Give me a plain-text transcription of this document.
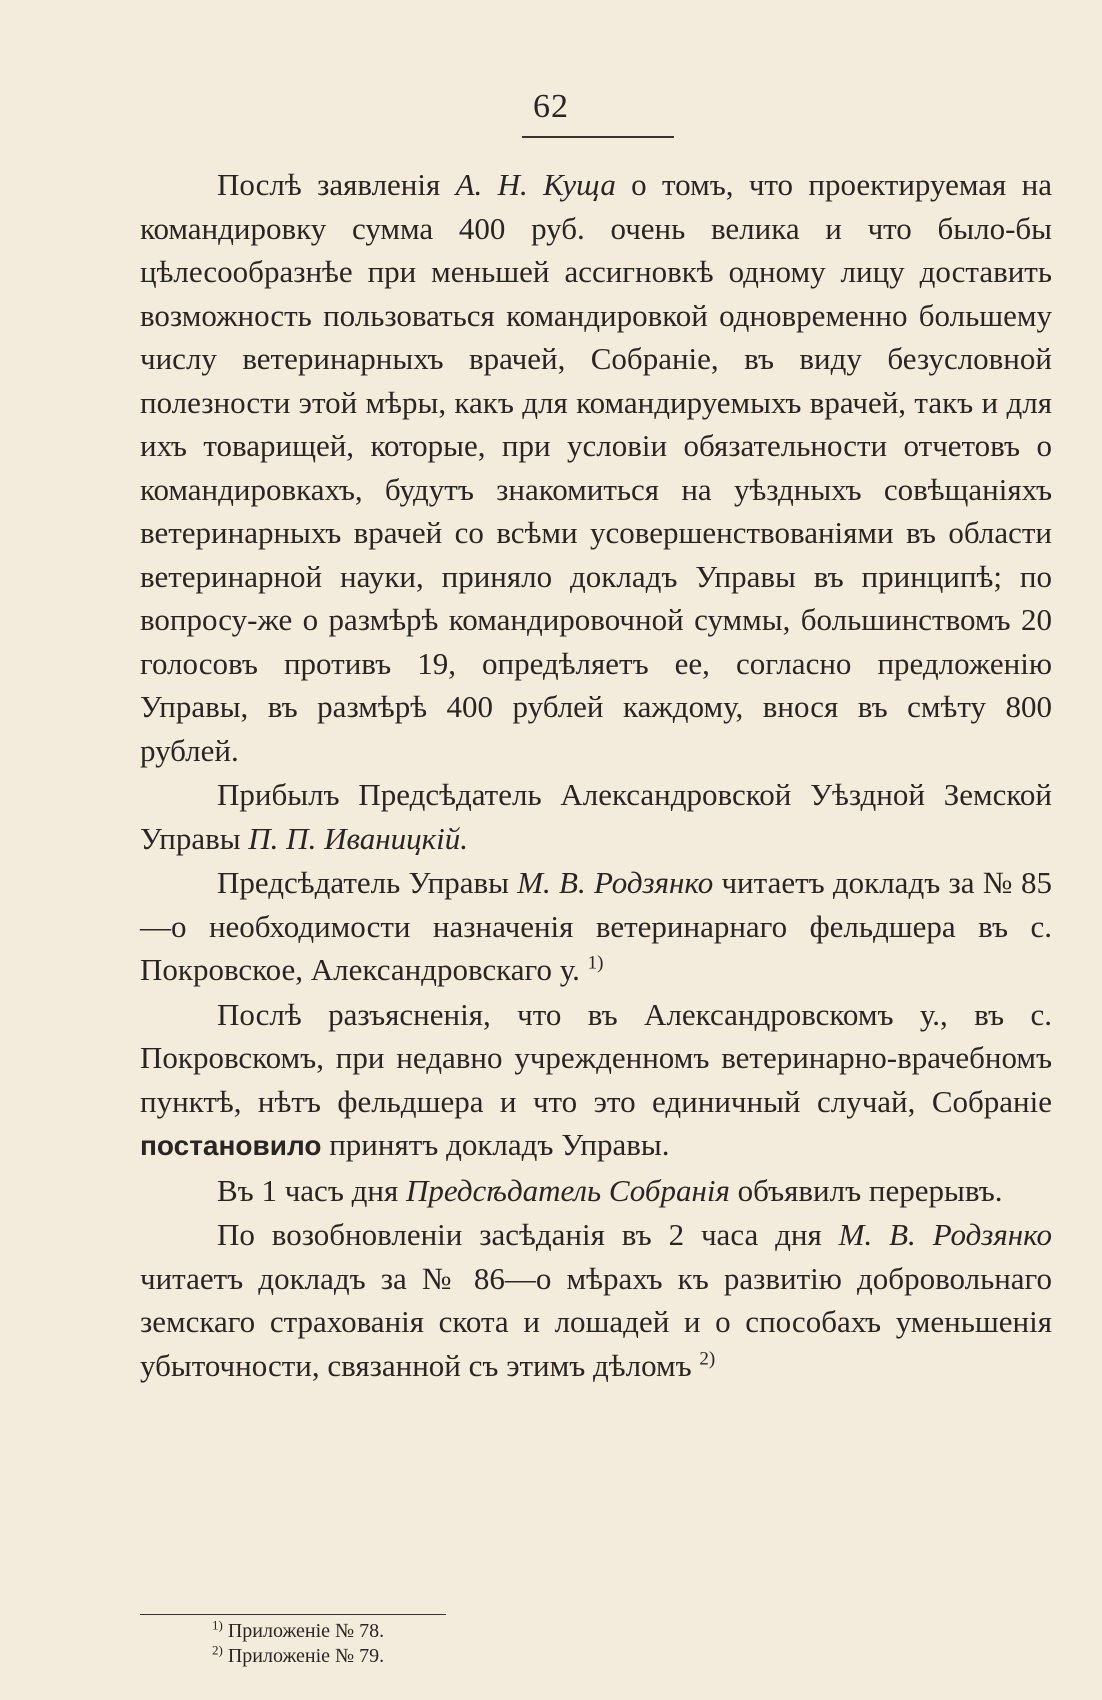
62

Послѣ заявленія А. Н. Куща о томъ, что проектируемая на командировку сумма 400 руб. очень велика и что было-бы цѣлесообразнѣе при меньшей ассигновкѣ одному лицу доставить возможность пользоваться командировкой одновременно большему числу ветеринарныхъ врачей, Собраніе, въ виду безусловной полезности этой мѣры, какъ для командируемыхъ врачей, такъ и для ихъ товарищей, которые, при условіи обязательности отчетовъ о командировкахъ, будутъ знакомиться на уѣздныхъ совѣщаніяхъ ветеринарныхъ врачей со всѣми усовершенствованіями въ области ветеринарной науки, приняло докладъ Управы въ принципѣ; по вопросу-же о размѣрѣ командировочной суммы, большинствомъ 20 голосовъ противъ 19, опредѣляетъ ее, согласно предложенію Управы, въ размѣрѣ 400 рублей каждому, внося въ смѣту 800 рублей.

Прибылъ Предсѣдатель Александровской Уѣздной Земской Управы П. П. Иваницкій.

Предсѣдатель Управы М. В. Родзянко читаетъ докладъ за № 85—о необходимости назначенія ветеринарнаго фельдшера въ с. Покровское, Александровскаго у. $^{1)}$

Послѣ разъясненія, что въ Александровскомъ у., въ с. Покровскомъ, при недавно учрежденномъ ветеринарно-врачебномъ пунктѣ, нѣтъ фельдшера и что это единичный случай, Собраніе постановило принятъ докладъ Управы.

Въ 1 часъ дня Предсѣдатель Собранія объявилъ перерывъ.

По возобновленіи засѣданія въ 2 часа дня М. В. Родзянко читаетъ докладъ за № 86—о мѣрахъ къ развитію добровольнаго земскаго страхованія скота и лошадей и о способахъ уменьшенія убыточности, связанной съ этимъ дѣломъ $^{2)}$

$^{1)}$ Приложеніе № 78.
$^{2)}$ Приложеніе № 79.
